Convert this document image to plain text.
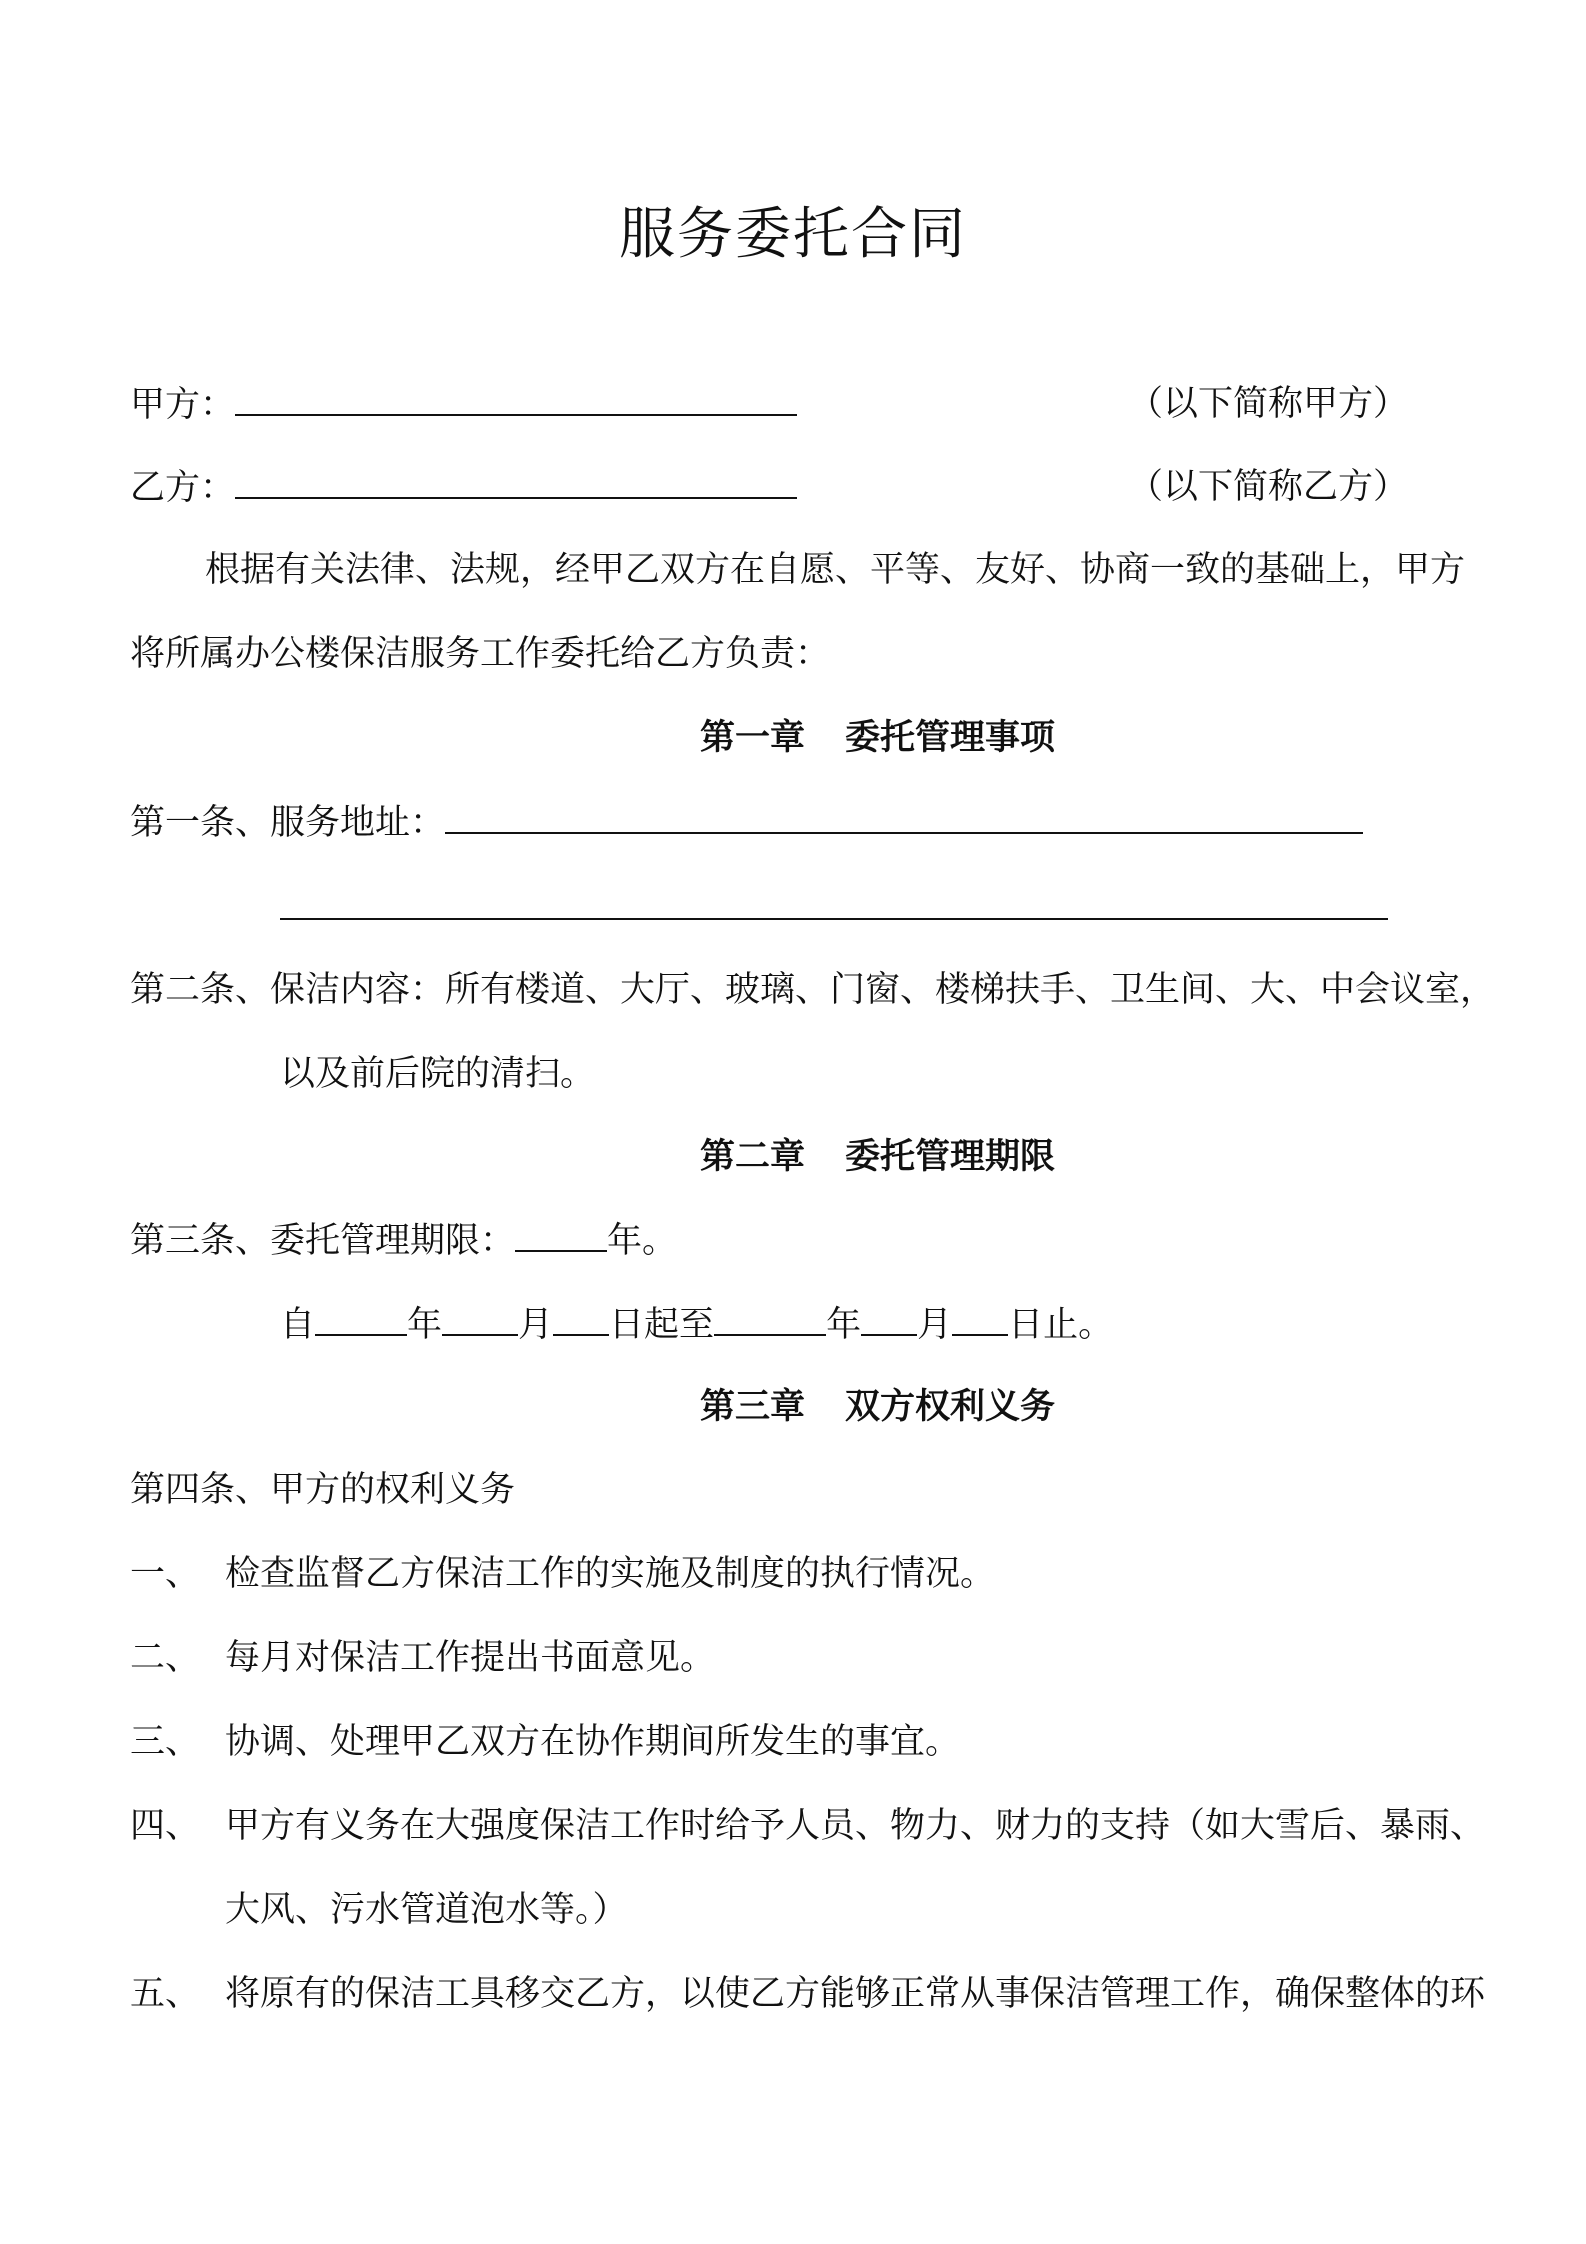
服务委托合同
甲方：	（以下简称甲方）
乙方：	（以下简称乙方）
根据有关法律、法规，经甲乙双方在自愿、平等、友好、协商一致的基础上，甲方
将所属办公楼保洁服务工作委托给乙方负责：
第一章 委托管理事项
第一条、服务地址：
第二条、保洁内容：所有楼道、大厅、玻璃、门窗、楼梯扶手、卫生间、大、中会议室，
以及前后院的清扫。
第二章 委托管理期限
第三条、委托管理期限：	年。
自	年 月 日起至	年 月 日止。
第三章 双方权利义务
第四条、甲方的权利义务
一、 检查监督乙方保洁工作的实施及制度的执行情况。
二、 每月对保洁工作提出书面意见。
三、 协调、处理甲乙双方在协作期间所发生的事宜。
四、 甲方有义务在大强度保洁工作时给予人员、物力、财力的支持（如大雪后、暴雨、
大风、污水管道泡水等。）
五、 将原有的保洁工具移交乙方，以使乙方能够正常从事保洁管理工作，确保整体的环
